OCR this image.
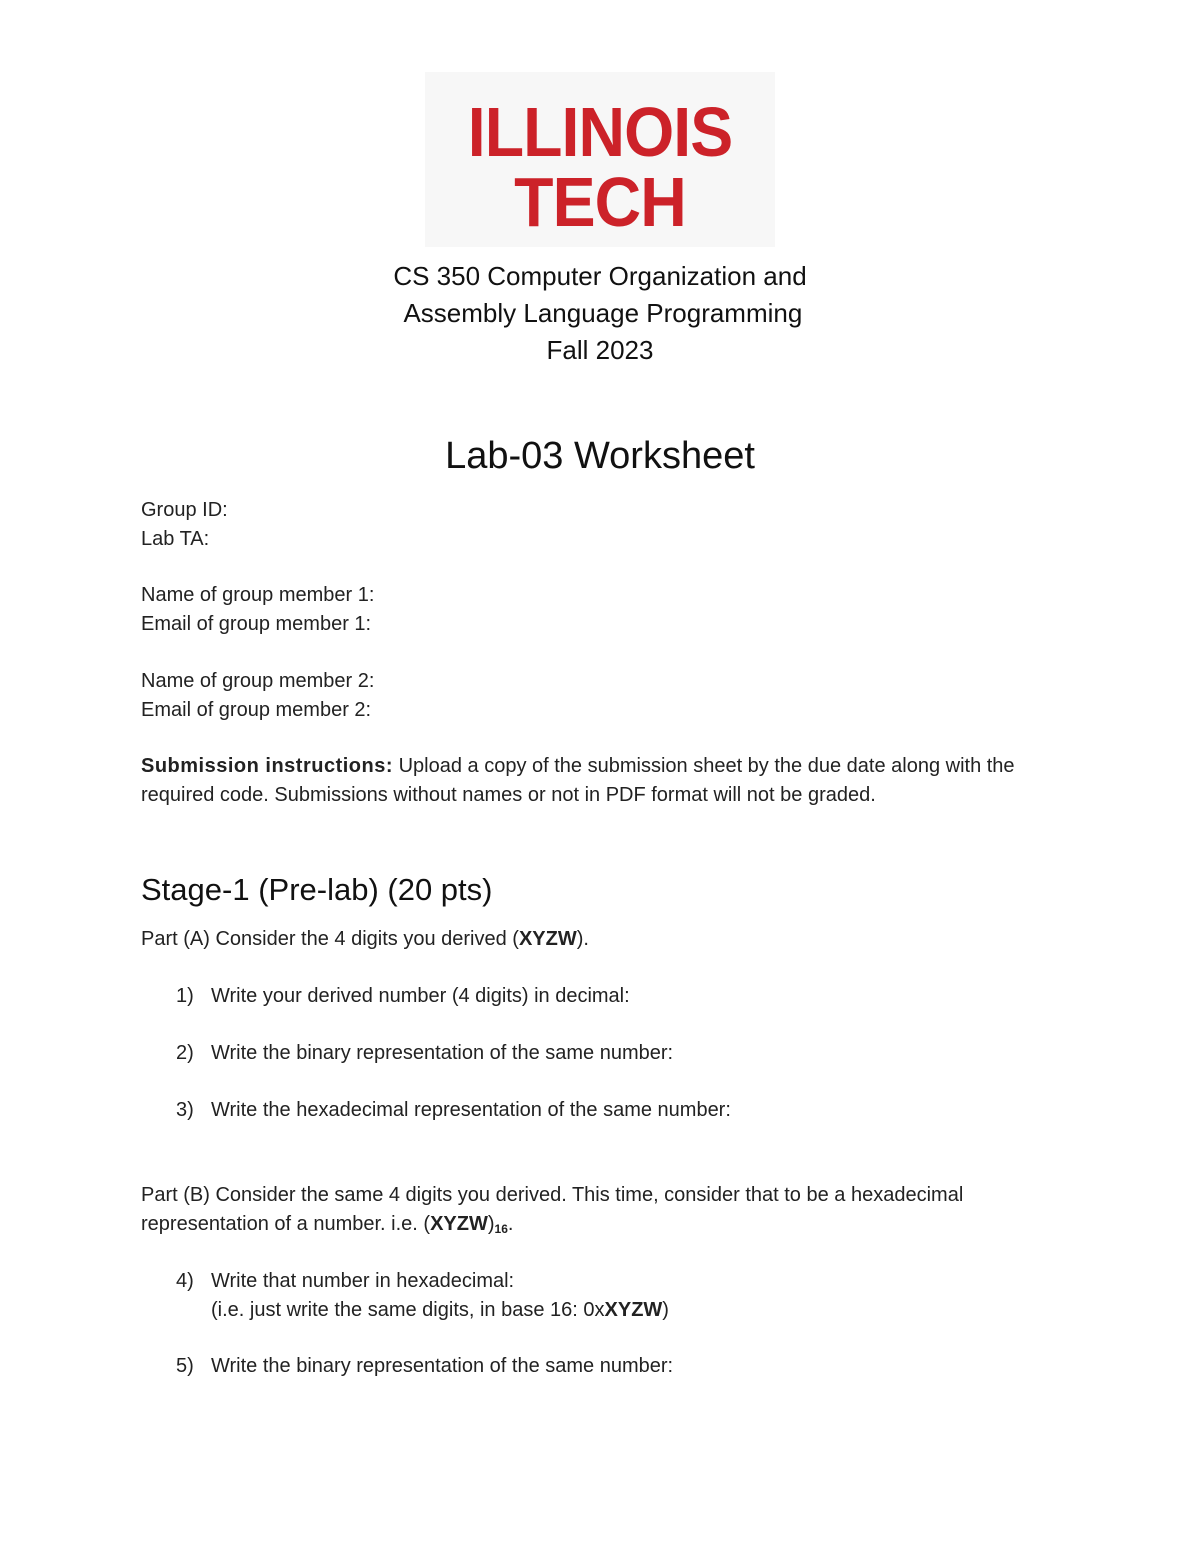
ILLINOIS
TECH
CS 350 Computer Organization and
Assembly Language Programming
Fall 2023
Lab-03 Worksheet

Group ID:

Lab TA:

Name of group member 1:

Email of group member 1:

Name of group member 2:

Email of group member 2:

Submission instructions: Upload a copy of the submission sheet by the due date along with the required code. Submissions without names or not in PDF format will not be graded.

Stage-1 (Pre-lab) (20 pts)

Part (A) Consider the 4 digits you derived (XYZW).

1) Write your derived number (4 digits) in decimal:
2) Write the binary representation of the same number:
3) Write the hexadecimal representation of the same number:

Part (B) Consider the same 4 digits you derived. This time, consider that to be a hexadecimal representation of a number. i.e. $(XYZW)_{16}$.

4) Write that number in hexadecimal:
(i.e. just write the same digits, in base 16: 0xXYZW)
5) Write the binary representation of the same number:
